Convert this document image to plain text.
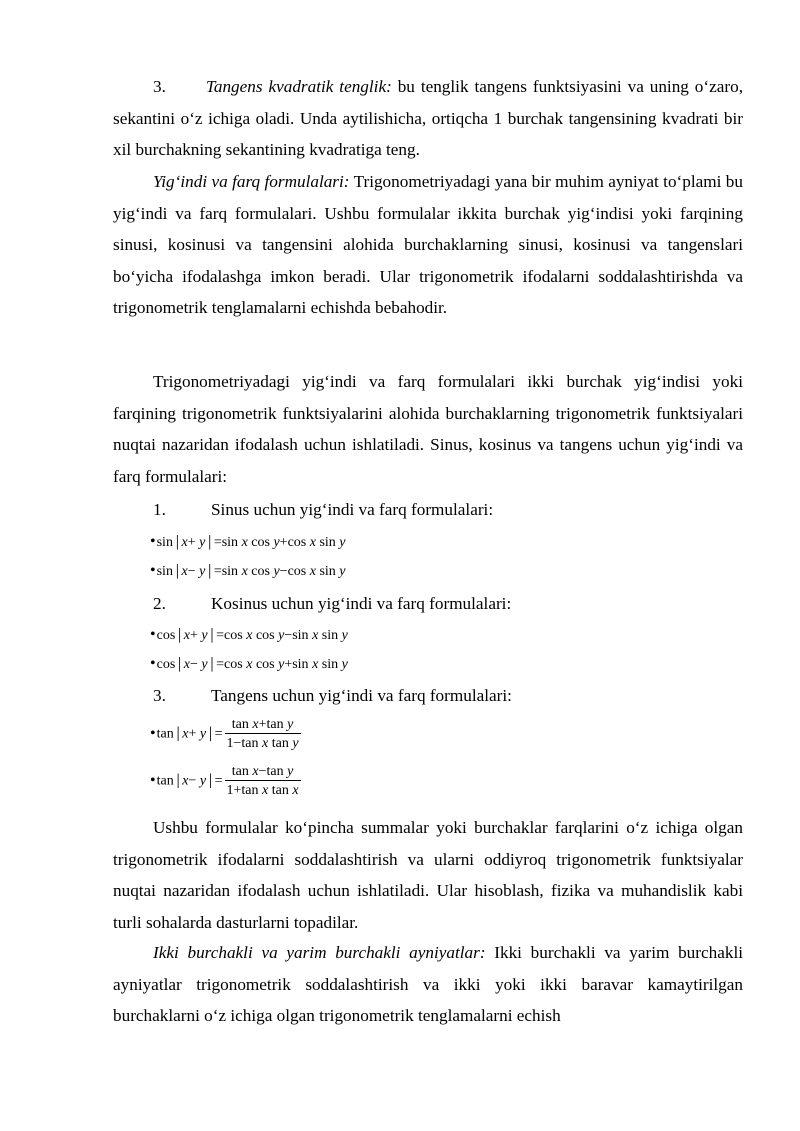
3. Tangens kvadratik tenglik: bu tenglik tangens funktsiyasini va uning o‘zaro, sekantini o‘z ichiga oladi. Unda aytilishicha, ortiqcha 1 burchak tangensining kvadrati bir xil burchakning sekantining kvadratiga teng.

Yig‘indi va farq formulalari: Trigonometriyadagi yana bir muhim ayniyat to‘plami bu yig‘indi va farq formulalari. Ushbu formulalar ikkita burchak yig‘indisi yoki farqining sinusi, kosinusi va tangensini alohida burchaklarning sinusi, kosinusi va tangenslari bo‘yicha ifodalashga imkon beradi. Ular trigonometrik ifodalarni soddalashtirishda va trigonometrik tenglamalarni echishda bebahodir.

Trigonometriyadagi yig‘indi va farq formulalari ikki burchak yig‘indisi yoki farqining trigonometrik funktsiyalarini alohida burchaklarning trigonometrik funktsiyalari nuqtai nazaridan ifodalash uchun ishlatiladi. Sinus, kosinus va tangens uchun yig‘indi va farq formulalari:

1.	Sinus uchun yig‘indi va farq formulalari:

•sin│x+ y│=sin x cos y+cos x sin y
•sin│x− y│=sin x cos y−cos x sin y

2.	Kosinus uchun yig‘indi va farq formulalari:

•cos│x+ y│=cos x cos y−sin x sin y
•cos│x− y│=cos x cos y+sin x sin y

3.	Tangens uchun yig‘indi va farq formulalari:

•tan│x+ y│= $\frac{\text{tan x+tan y}}{\text{1−tan x tan y}}$
•tan│x− y│= $\frac{\text{tan x−tan y}}{\text{1+tan x tan x}}$

Ushbu formulalar ko‘pincha summalar yoki burchaklar farqlarini o‘z ichiga olgan trigonometrik ifodalarni soddalashtirish va ularni oddiyroq trigonometrik funktsiyalar nuqtai nazaridan ifodalash uchun ishlatiladi. Ular hisoblash, fizika va muhandislik kabi turli sohalarda dasturlarni topadilar.

Ikki burchakli va yarim burchakli ayniyatlar: Ikki burchakli va yarim burchakli ayniyatlar trigonometrik soddalashtirish va ikki yoki ikki baravar kamaytirilgan burchaklarni o‘z ichiga olgan trigonometrik tenglamalarni echish
